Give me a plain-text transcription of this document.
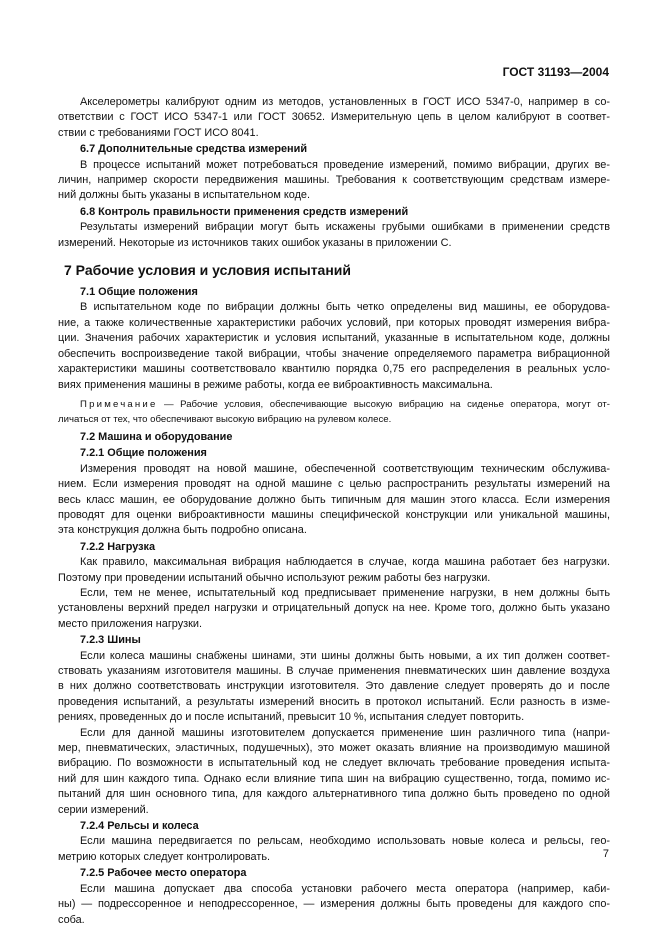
ГОСТ 31193—2004
Акселерометры калибруют одним из методов, установленных в ГОСТ ИСО 5347-0, например в со-
ответствии с ГОСТ ИСО 5347-1 или ГОСТ 30652. Измерительную цепь в целом калибруют в соответ-
ствии с требованиями ГОСТ ИСО 8041.
6.7 Дополнительные средства измерений
В процессе испытаний может потребоваться проведение измерений, помимо вибрации, других ве-
личин, например скорости передвижения машины. Требования к соответствующим средствам измере-
ний должны быть указаны в испытательном коде.
6.8 Контроль правильности применения средств измерений
Результаты измерений вибрации могут быть искажены грубыми ошибками в применении средств
измерений. Некоторые из источников таких ошибок указаны в приложении С.
7 Рабочие условия и условия испытаний
7.1 Общие положения
В испытательном коде по вибрации должны быть четко определены вид машины, ее оборудова-
ние, а также количественные характеристики рабочих условий, при которых проводят измерения вибра-
ции. Значения рабочих характеристик и условия испытаний, указанные в испытательном коде, должны
обеспечить воспроизведение такой вибрации, чтобы значение определяемого параметра вибрационной
характеристики машины соответствовало квантилю порядка 0,75 его распределения в реальных усло-
виях применения машины в режиме работы, когда ее виброактивность максимальна.
Примечание — Рабочие условия, обеспечивающие высокую вибрацию на сиденье оператора, могут от-
личаться от тех, что обеспечивают высокую вибрацию на рулевом колесе.
7.2 Машина и оборудование
7.2.1 Общие положения
Измерения проводят на новой машине, обеспеченной соответствующим техническим обслужива-
нием. Если измерения проводят на одной машине с целью распространить результаты измерений на
весь класс машин, ее оборудование должно быть типичным для машин этого класса. Если измерения
проводят для оценки виброактивности машины специфической конструкции или уникальной машины,
эта конструкция должна быть подробно описана.
7.2.2 Нагрузка
Как правило, максимальная вибрация наблюдается в случае, когда машина работает без нагрузки.
Поэтому при проведении испытаний обычно используют режим работы без нагрузки.
Если, тем не менее, испытательный код предписывает применение нагрузки, в нем должны быть
установлены верхний предел нагрузки и отрицательный допуск на нее. Кроме того, должно быть указано
место приложения нагрузки.
7.2.3 Шины
Если колеса машины снабжены шинами, эти шины должны быть новыми, а их тип должен соответ-
ствовать указаниям изготовителя машины. В случае применения пневматических шин давление воздуха
в них должно соответствовать инструкции изготовителя. Это давление следует проверять до и после
проведения испытаний, а результаты измерений вносить в протокол испытаний. Если разность в изме-
рениях, проведенных до и после испытаний, превысит 10 %, испытания следует повторить.
Если для данной машины изготовителем допускается применение шин различного типа (напри-
мер, пневматических, эластичных, подушечных), это может оказать влияние на производимую машиной
вибрацию. По возможности в испытательный код не следует включать требование проведения испыта-
ний для шин каждого типа. Однако если влияние типа шин на вибрацию существенно, тогда, помимо ис-
пытаний для шин основного типа, для каждого альтернативного типа должно быть проведено по одной
серии измерений.
7.2.4 Рельсы и колеса
Если машина передвигается по рельсам, необходимо использовать новые колеса и рельсы, гео-
метрию которых следует контролировать.
7.2.5 Рабочее место оператора
Если машина допускает два способа установки рабочего места оператора (например, каби-
ны) — подрессоренное и неподрессоренное, — измерения должны быть проведены для каждого спо-
соба.
7
